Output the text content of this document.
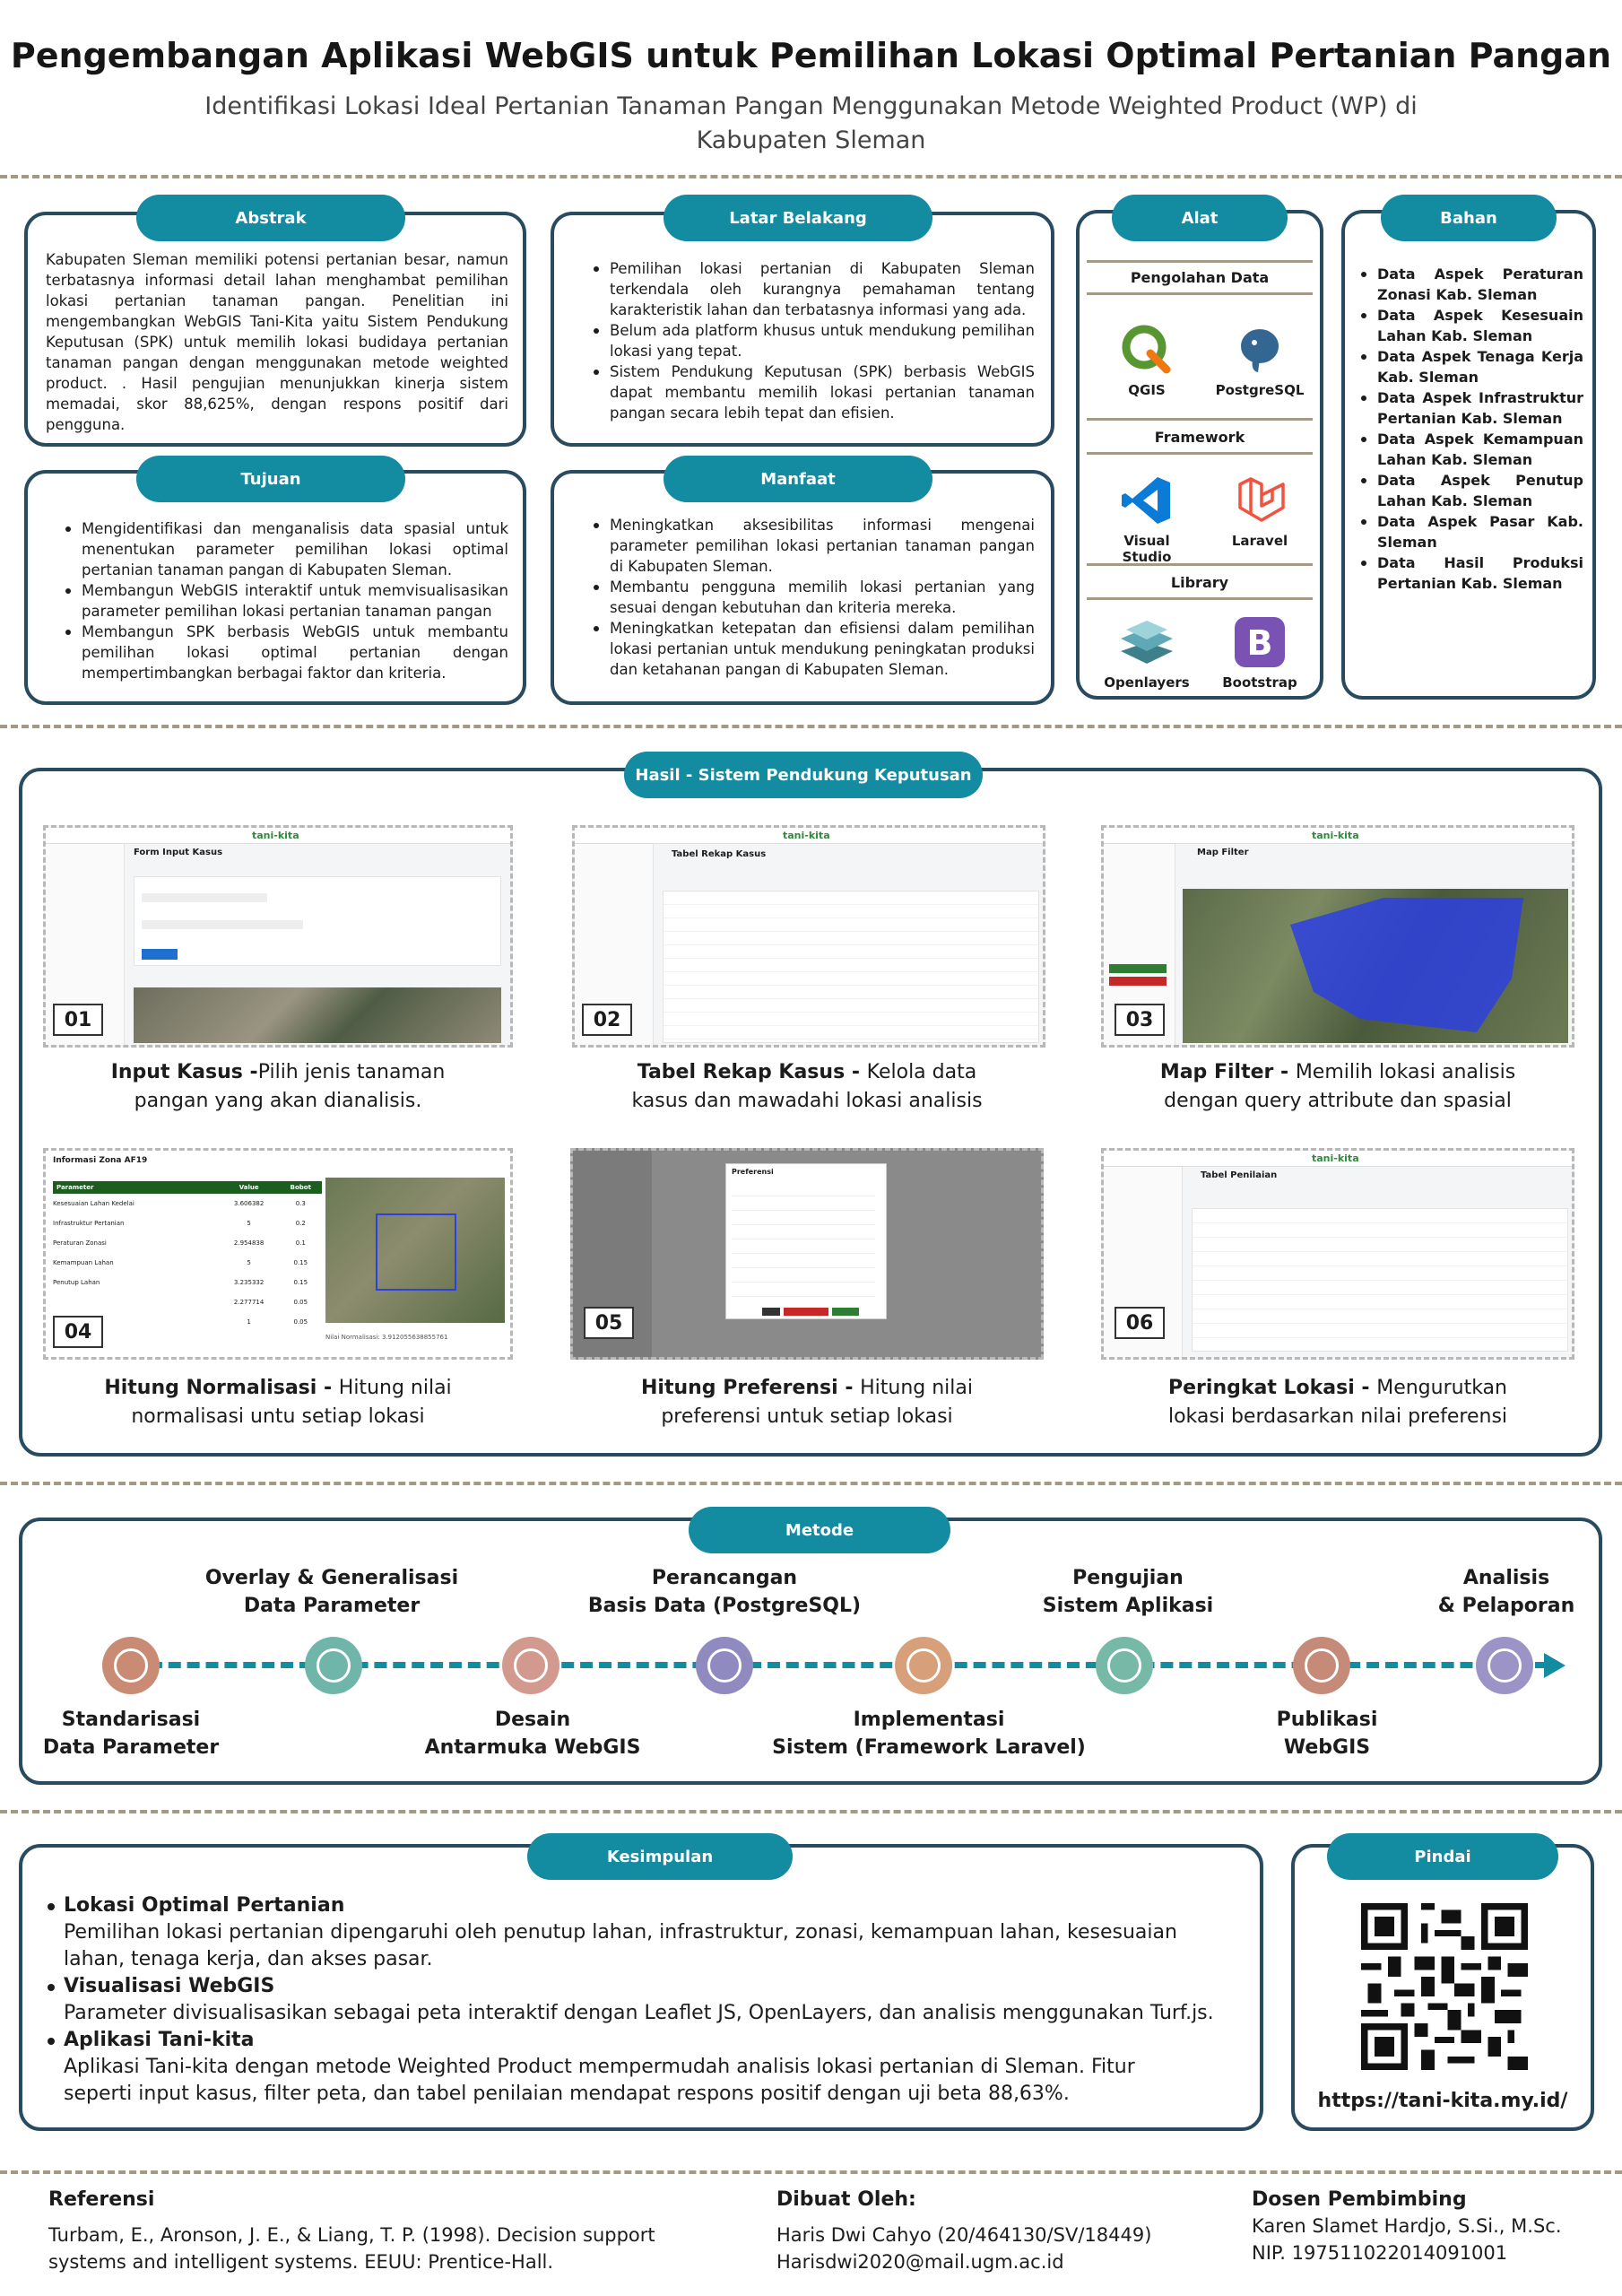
Pengembangan Aplikasi WebGIS untuk Pemilihan Lokasi Optimal Pertanian Pangan
Identifikasi Lokasi Ideal Pertanian Tanaman Pangan Menggunakan Metode Weighted Product (WP) di
Kabupaten Sleman
Kabupaten Sleman memiliki potensi pertanian besar, namun terbatasnya informasi detail lahan menghambat pemilihan lokasi pertanian tanaman pangan. Penelitian ini mengembangkan WebGIS Tani-Kita yaitu Sistem Pendukung Keputusan (SPK) untuk memilih lokasi budidaya pertanian tanaman pangan dengan menggunakan metode weighted product. . Hasil pengujian menunjukkan kinerja sistem memadai, skor 88,625%, dengan respons positif dari pengguna.
Abstrak
Pemilihan lokasi pertanian di Kabupaten Sleman terkendala oleh kurangnya pemahaman tentang karakteristik lahan dan terbatasnya informasi yang ada.
Belum ada platform khusus untuk mendukung pemilihan lokasi yang tepat.
Sistem Pendukung Keputusan (SPK) berbasis WebGIS dapat membantu memilih lokasi pertanian tanaman pangan secara lebih tepat dan efisien.
Latar Belakang
Mengidentifikasi dan menganalisis data spasial untuk menentukan parameter pemilihan lokasi optimal pertanian tanaman pangan di Kabupaten Sleman.
Membangun WebGIS interaktif untuk memvisualisasikan parameter pemilihan lokasi pertanian tanaman pangan
Membangun SPK berbasis WebGIS untuk membantu pemilihan lokasi optimal pertanian dengan mempertimbangkan berbagai faktor dan kriteria.
Tujuan
Meningkatkan aksesibilitas informasi mengenai parameter pemilihan lokasi pertanian tanaman pangan di Kabupaten Sleman.
Membantu pengguna memilih lokasi pertanian yang sesuai dengan kebutuhan dan kriteria mereka.
Meningkatkan ketepatan dan efisiensi dalam pemilihan lokasi pertanian untuk mendukung peningkatan produksi dan ketahanan pangan di Kabupaten Sleman.
Manfaat
Pengolahan Data
QGIS	PostgreSQL
Framework
Visual Studio
Laravel
Library
Openlayers
B
Bootstrap
Alat
Data Aspek Peraturan Zonasi Kab. Sleman
Data Aspek Kesesuain Lahan Kab. Sleman
Data Aspek Tenaga Kerja Kab. Sleman
Data Aspek Infrastruktur Pertanian Kab. Sleman
Data Aspek Kemampuan Lahan Kab. Sleman
Data Aspek Penutup Lahan Kab. Sleman
Data Aspek Pasar Kab. Sleman
Data Hasil Produksi Pertanian Kab. Sleman
Bahan
Hasil - Sistem Pendukung Keputusan
tani-kita
Form Input Kasus
01
Input Kasus -Pilih jenis tanaman
pangan yang akan dianalisis.
tani-kita
Tabel Rekap Kasus
02
Tabel Rekap Kasus - Kelola data
kasus dan mawadahi lokasi analisis
tani-kita
Map Filter
03
Map Filter - Memilih lokasi analisis
dengan query attribute dan spasial
Informasi Zona AF19
Parameter	Value	Bobot
Kesesuaian Lahan Kedelai	3.606382	0.3
Infrastruktur Pertanian	5	0.2
Peraturan Zonasi	2.954838	0.1
Kemampuan Lahan	5	0.15
Penutup Lahan	3.235332	0.15
	2.277714	0.05
	1	0.05
Nilai Normalisasi: 3.912055638855761
04
Hitung Normalisasi - Hitung nilai
normalisasi untu setiap lokasi
Preferensi
05
Hitung Preferensi - Hitung nilai
preferensi untuk setiap lokasi
tani-kita
Tabel Penilaian
06
Peringkat Lokasi - Mengurutkan
lokasi berdasarkan nilai preferensi
Metode
Overlay & Generalisasi
Data Parameter
Perancangan
Basis Data (PostgreSQL)
Pengujian
Sistem Aplikasi
Analisis
& Pelaporan
Standarisasi
Data Parameter
Desain
Antarmuka WebGIS
Implementasi
Sistem (Framework Laravel)
Publikasi
WebGIS
Lokasi Optimal Pertanian
Pemilihan lokasi pertanian dipengaruhi oleh penutup lahan, infrastruktur, zonasi, kemampuan lahan, kesesuaian
lahan, tenaga kerja, dan akses pasar.
Visualisasi WebGIS
Parameter divisualisasikan sebagai peta interaktif dengan Leaflet JS, OpenLayers, dan analisis menggunakan Turf.js.
Aplikasi Tani-kita
Aplikasi Tani-kita dengan metode Weighted Product mempermudah analisis lokasi pertanian di Sleman. Fitur
seperti input kasus, filter peta, dan tabel penilaian mendapat respons positif dengan uji beta 88,63%.
Kesimpulan
https://tani-kita.my.id/
Pindai
Referensi

Turbam, E., Aronson, J. E., & Liang, T. P. (1998). Decision support

systems and intelligent systems. EEUU: Prentice-Hall.

Dibuat Oleh:

Haris Dwi Cahyo (20/464130/SV/18449)

Harisdwi2020@mail.ugm.ac.id

Dosen Pembimbing

Karen Slamet Hardjo, S.Si., M.Sc.

NIP. 197511022014091001
